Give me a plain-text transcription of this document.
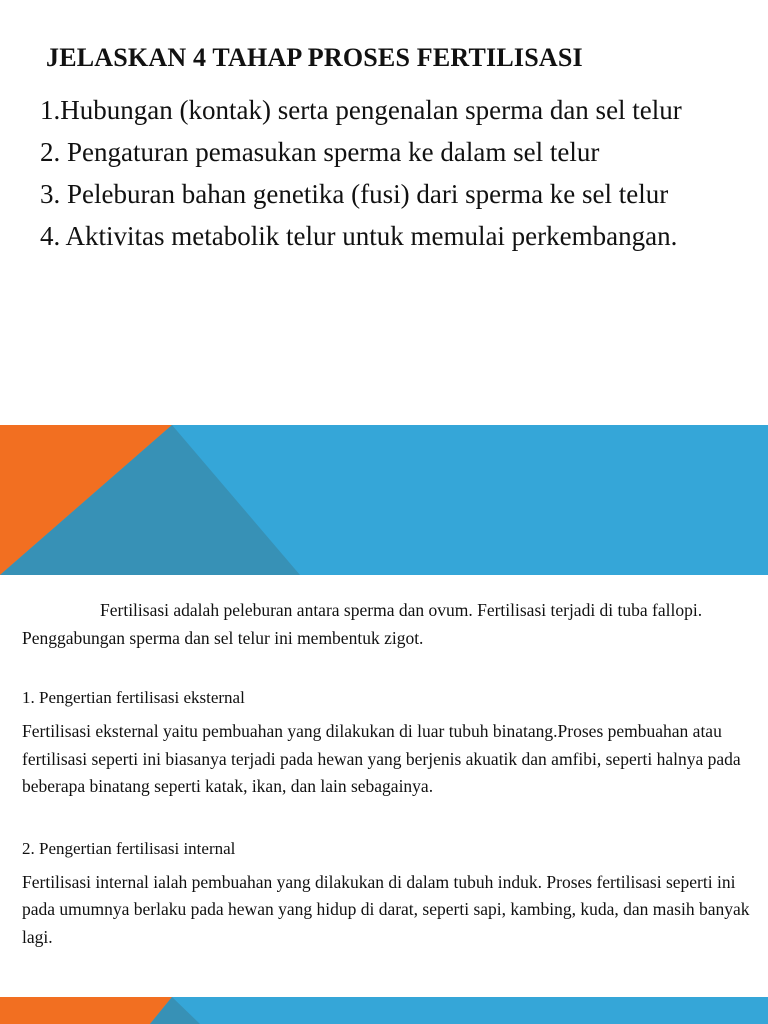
JELASKAN 4 TAHAP PROSES FERTILISASI
1.Hubungan (kontak) serta pengenalan sperma dan sel telur
2. Pengaturan pemasukan sperma ke dalam sel telur
3. Peleburan bahan genetika (fusi) dari sperma ke sel telur
4. Aktivitas metabolik telur untuk memulai perkembangan.

Fertilisasi adalah peleburan antara sperma dan ovum. Fertilisasi terjadi di tuba fallopi. Penggabungan sperma dan sel telur ini membentuk zigot.

1. Pengertian fertilisasi eksternal

Fertilisasi eksternal yaitu pembuahan yang dilakukan di luar tubuh binatang.Proses pembuahan atau fertilisasi seperti ini biasanya terjadi pada hewan yang berjenis akuatik dan amfibi, seperti halnya pada beberapa binatang seperti katak, ikan, dan lain sebagainya.

2. Pengertian fertilisasi internal

Fertilisasi internal ialah pembuahan yang dilakukan di dalam tubuh induk. Proses fertilisasi seperti ini pada umumnya berlaku pada hewan yang hidup di darat, seperti sapi, kambing, kuda, dan masih banyak lagi.
